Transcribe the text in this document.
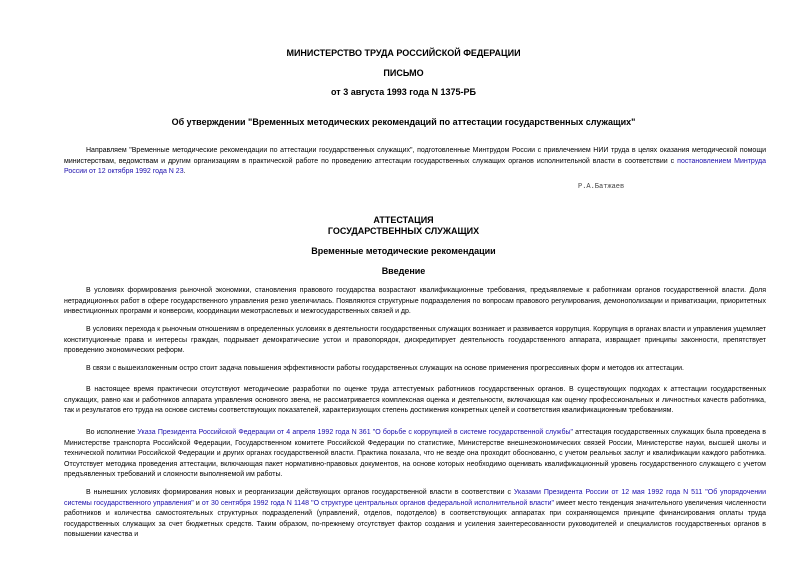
МИНИСТЕРСТВО ТРУДА РОССИЙСКОЙ ФЕДЕРАЦИИ
ПИСЬМО
от 3 августа 1993 года N 1375-РБ
Об утверждении "Временных методических рекомендаций по аттестации государственных служащих"

Направляем "Временные методические рекомендации по аттестации государственных служащих", подготовленные Минтрудом России с привлечением НИИ труда в целях оказания методической помощи министерствам, ведомствам и другим организациям в практической работе по проведению аттестации государственных служащих органов исполнительной власти в соответствии с постановлением Минтруда России от 12 октября 1992 года N 23.

Р.А.Батжаев
АТТЕСТАЦИЯ
ГОСУДАРСТВЕННЫХ СЛУЖАЩИХ
Временные методические рекомендации
Введение

В условиях формирования рыночной экономики, становления правового государства возрастают квалификационные требования, предъявляемые к работникам органов государственной власти. Доля нетрадиционных работ в сфере государственного управления резко увеличилась. Появляются структурные подразделения по вопросам правового регулирования, демонополизации и приватизации, приоритетных инвестиционных программ и конверсии, координации межотраслевых и межгосударственных связей и др.

В условиях перехода к рыночным отношениям в определенных условиях в деятельности государственных служащих возникает и развивается коррупция. Коррупция в органах власти и управления ущемляет конституционные права и интересы граждан, подрывает демократические устои и правопорядок, дискредитирует деятельность государственного аппарата, извращает принципы законности, препятствует проведению экономических реформ.

В связи с вышеизложенным остро стоит задача повышения эффективности работы государственных служащих на основе применения прогрессивных форм и методов их аттестации.

В настоящее время практически отсутствуют методические разработки по оценке труда аттестуемых работников государственных органов. В существующих подходах к аттестации государственных служащих, равно как и работников аппарата управления основного звена, не рассматривается комплексная оценка и деятельности, включающая как оценку профессиональных и личностных качеств работника, так и результатов его труда на основе системы соответствующих показателей, характеризующих степень достижения конкретных целей и соответствия квалификационным требованиям.

Во исполнение Указа Президента Российской Федерации от 4 апреля 1992 года N 361 "О борьбе с коррупцией в системе государственной службы" аттестация государственных служащих была проведена в Министерстве транспорта Российской Федерации, Государственном комитете Российской Федерации по статистике, Министерстве внешнеэкономических связей России, Министерстве науки, высшей школы и технической политики Российской Федерации и других органах государственной власти. Практика показала, что не везде она проходит обоснованно, с учетом реальных заслуг и квалификации каждого работника. Отсутствует методика проведения аттестации, включающая пакет нормативно-правовых документов, на основе которых необходимо оценивать квалификационный уровень государственного служащего с учетом предъявленных требований и сложности выполняемой им работы.

В нынешних условиях формирования новых и реорганизации действующих органов государственной власти в соответствии с Указами Президента России от 12 мая 1992 года N 511 "Об упорядочении системы государственного управления" и от 30 сентября 1992 года N 1148 "О структуре центральных органов федеральной исполнительной власти" имеет место тенденция значительного увеличения численности работников и количества самостоятельных структурных подразделений (управлений, отделов, подотделов) в соответствующих аппаратах при сохраняющемся принципе финансирования оплаты труда государственных служащих за счет бюджетных средств. Таким образом, по-прежнему отсутствует фактор создания и усиления заинтересованности руководителей и специалистов государственных органов в повышении качества и
